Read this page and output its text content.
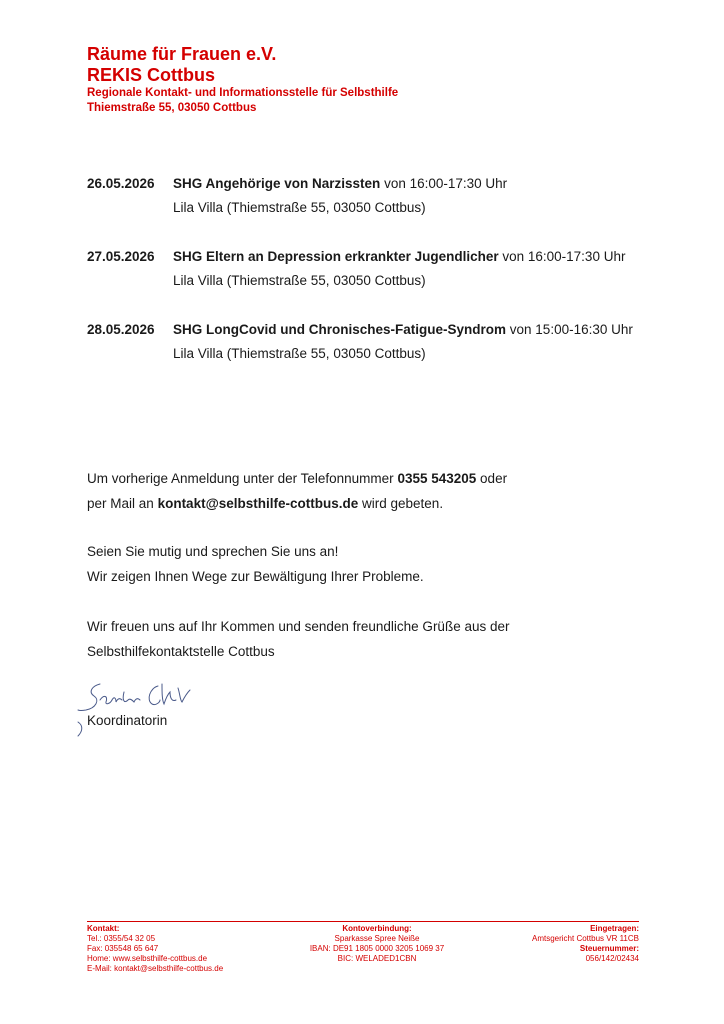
Räume für Frauen e.V.
REKIS Cottbus
Regionale Kontakt- und Informationsstelle für Selbsthilfe
Thiemstraße 55, 03050 Cottbus
26.05.2026	SHG Angehörige von Narzissten von 16:00-17:30 Uhr
Lila Villa (Thiemstraße 55, 03050 Cottbus)
27.05.2026	SHG Eltern an Depression erkrankter Jugendlicher von 16:00-17:30 Uhr
Lila Villa (Thiemstraße 55, 03050 Cottbus)
28.05.2026	SHG LongCovid und Chronisches-Fatigue-Syndrom von 15:00-16:30 Uhr
Lila Villa (Thiemstraße 55, 03050 Cottbus)
Um vorherige Anmeldung unter der Telefonnummer 0355 543205 oder
per Mail an kontakt@selbsthilfe-cottbus.de wird gebeten.
Seien Sie mutig und sprechen Sie uns an!
Wir zeigen Ihnen Wege zur Bewältigung Ihrer Probleme.
Wir freuen uns auf Ihr Kommen und senden freundliche Grüße aus der
Selbsthilfekontaktstelle Cottbus
Koordinatorin
Kontakt:
Tel.: 0355/54 32 05
Fax: 035548 65 647
Home: www.selbsthilfe-cottbus.de
E-Mail: kontakt@selbsthilfe-cottbus.de
Kontoverbindung:
Sparkasse Spree Neiße
IBAN: DE91 1805 0000 3205 1069 37
BIC: WELADED1CBN
Eingetragen:
Amtsgericht Cottbus VR 11CB
Steuernummer:
056/142/02434
